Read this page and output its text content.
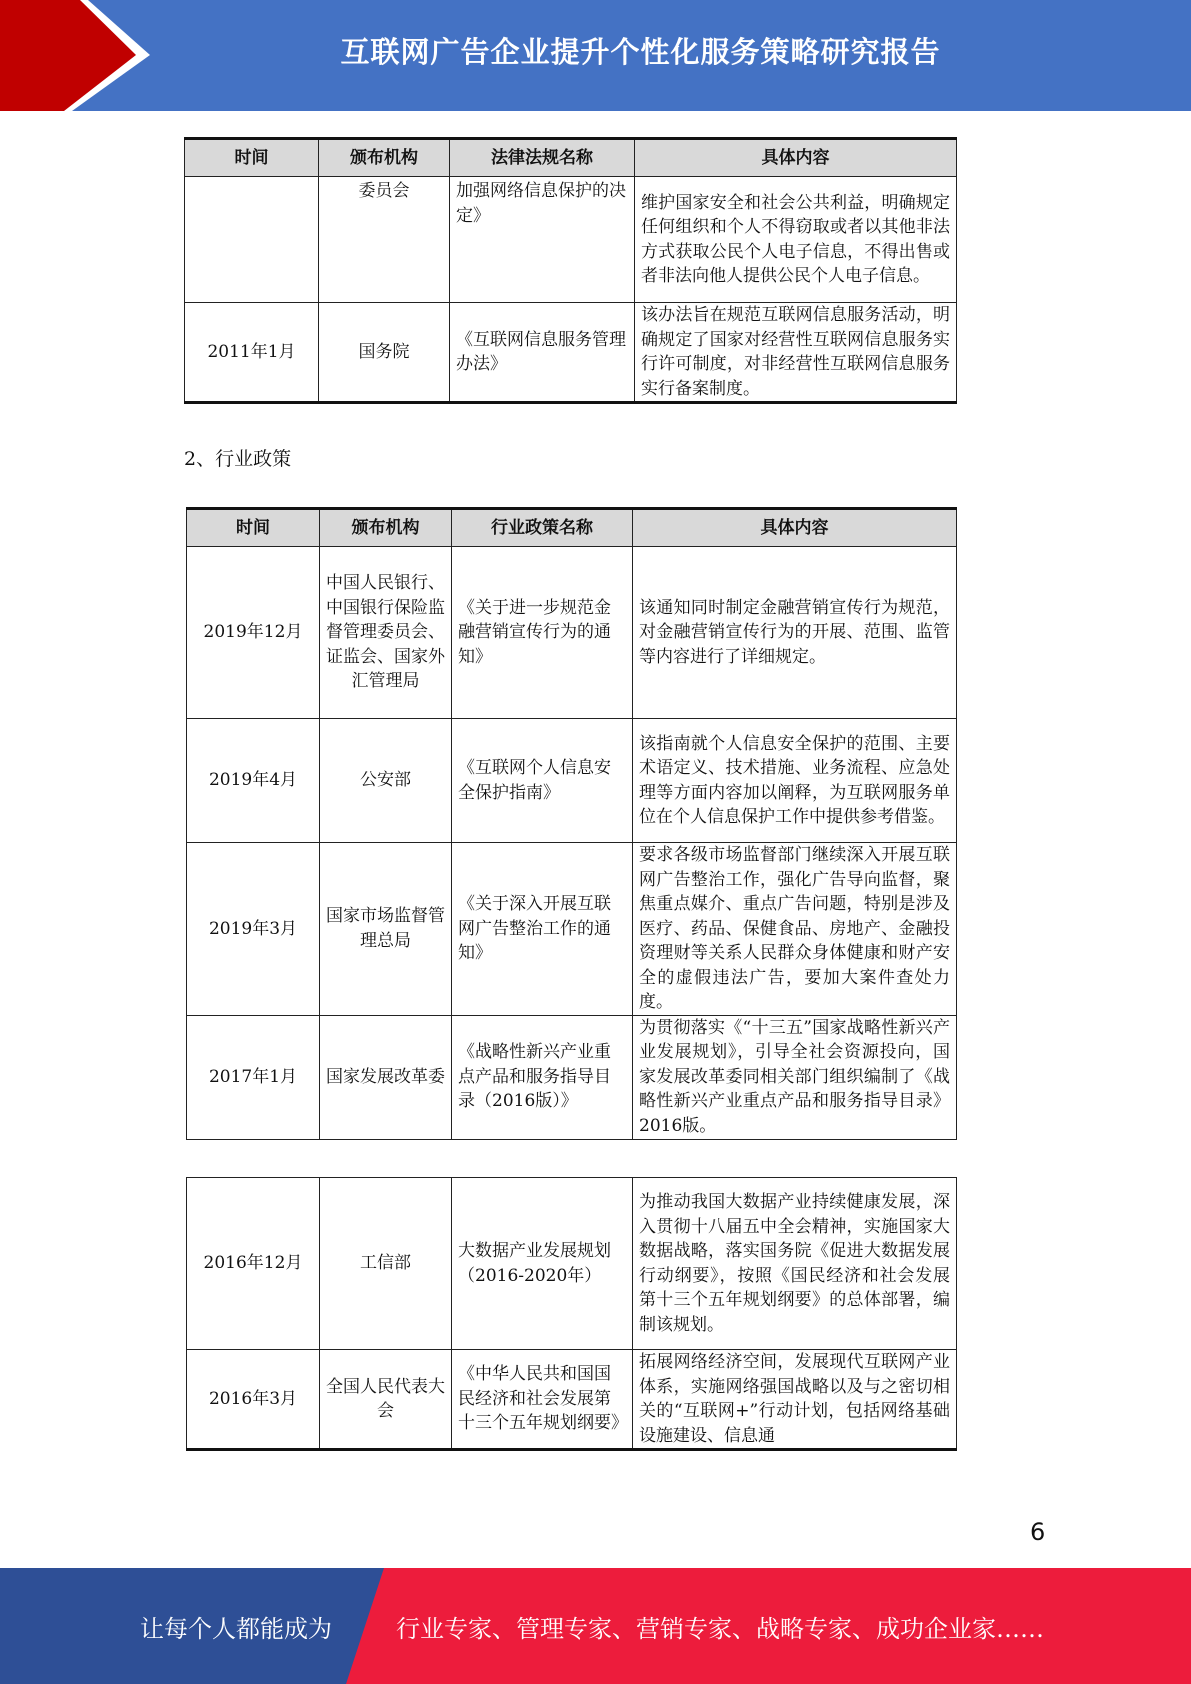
互联网广告企业提升个性化服务策略研究报告
时间	颁布机构	法律法规名称	具体内容
	委员会	加强网络信息保护的决定》	维护国家安全和社会公共利益，明确规定任何组织和个人不得窃取或者以其他非法方式获取公民个人电子信息，不得出售或者非法向他人提供公民个人电子信息。
2011年1月	国务院	《互联网信息服务管理办法》	该办法旨在规范互联网信息服务活动，明确规定了国家对经营性互联网信息服务实行许可制度，对非经营性互联网信息服务实行备案制度。
2、行业政策
时间	颁布机构	行业政策名称	具体内容
2019年12月	中国人民银行、中国银行保险监督管理委员会、证监会、国家外汇管理局	《关于进一步规范金融营销宣传行为的通知》	该通知同时制定金融营销宣传行为规范，对金融营销宣传行为的开展、范围、监管等内容进行了详细规定。
2019年4月	公安部	《互联网个人信息安全保护指南》	该指南就个人信息安全保护的范围、主要术语定义、技术措施、业务流程、应急处理等方面内容加以阐释，为互联网服务单位在个人信息保护工作中提供参考借鉴。
2019年3月	国家市场监督管理总局	《关于深入开展互联网广告整治工作的通知》	要求各级市场监督部门继续深入开展互联网广告整治工作，强化广告导向监督，聚焦重点媒介、重点广告问题，特别是涉及医疗、药品、保健食品、房地产、金融投资理财等关系人民群众身体健康和财产安全的虚假违法广告，要加大案件查处力度。
2017年1月	国家发展改革委	《战略性新兴产业重点产品和服务指导目录（2016版）》	为贯彻落实《“十三五”国家战略性新兴产业发展规划》，引导全社会资源投向，国家发展改革委同相关部门组织编制了《战略性新兴产业重点产品和服务指导目录》2016版。
2016年12月	工信部	大数据产业发展规划（2016-2020年）	为推动我国大数据产业持续健康发展，深入贯彻十八届五中全会精神，实施国家大数据战略，落实国务院《促进大数据发展行动纲要》，按照《国民经济和社会发展第十三个五年规划纲要》的总体部署，编制该规划。
2016年3月	全国人民代表大会	《中华人民共和国国民经济和社会发展第十三个五年规划纲要》	拓展网络经济空间，发展现代互联网产业体系，实施网络强国战略以及与之密切相关的“互联网+”行动计划，包括网络基础设施建设、信息通
6
让每个人都能成为	行业专家、管理专家、营销专家、战略专家、成功企业家……
